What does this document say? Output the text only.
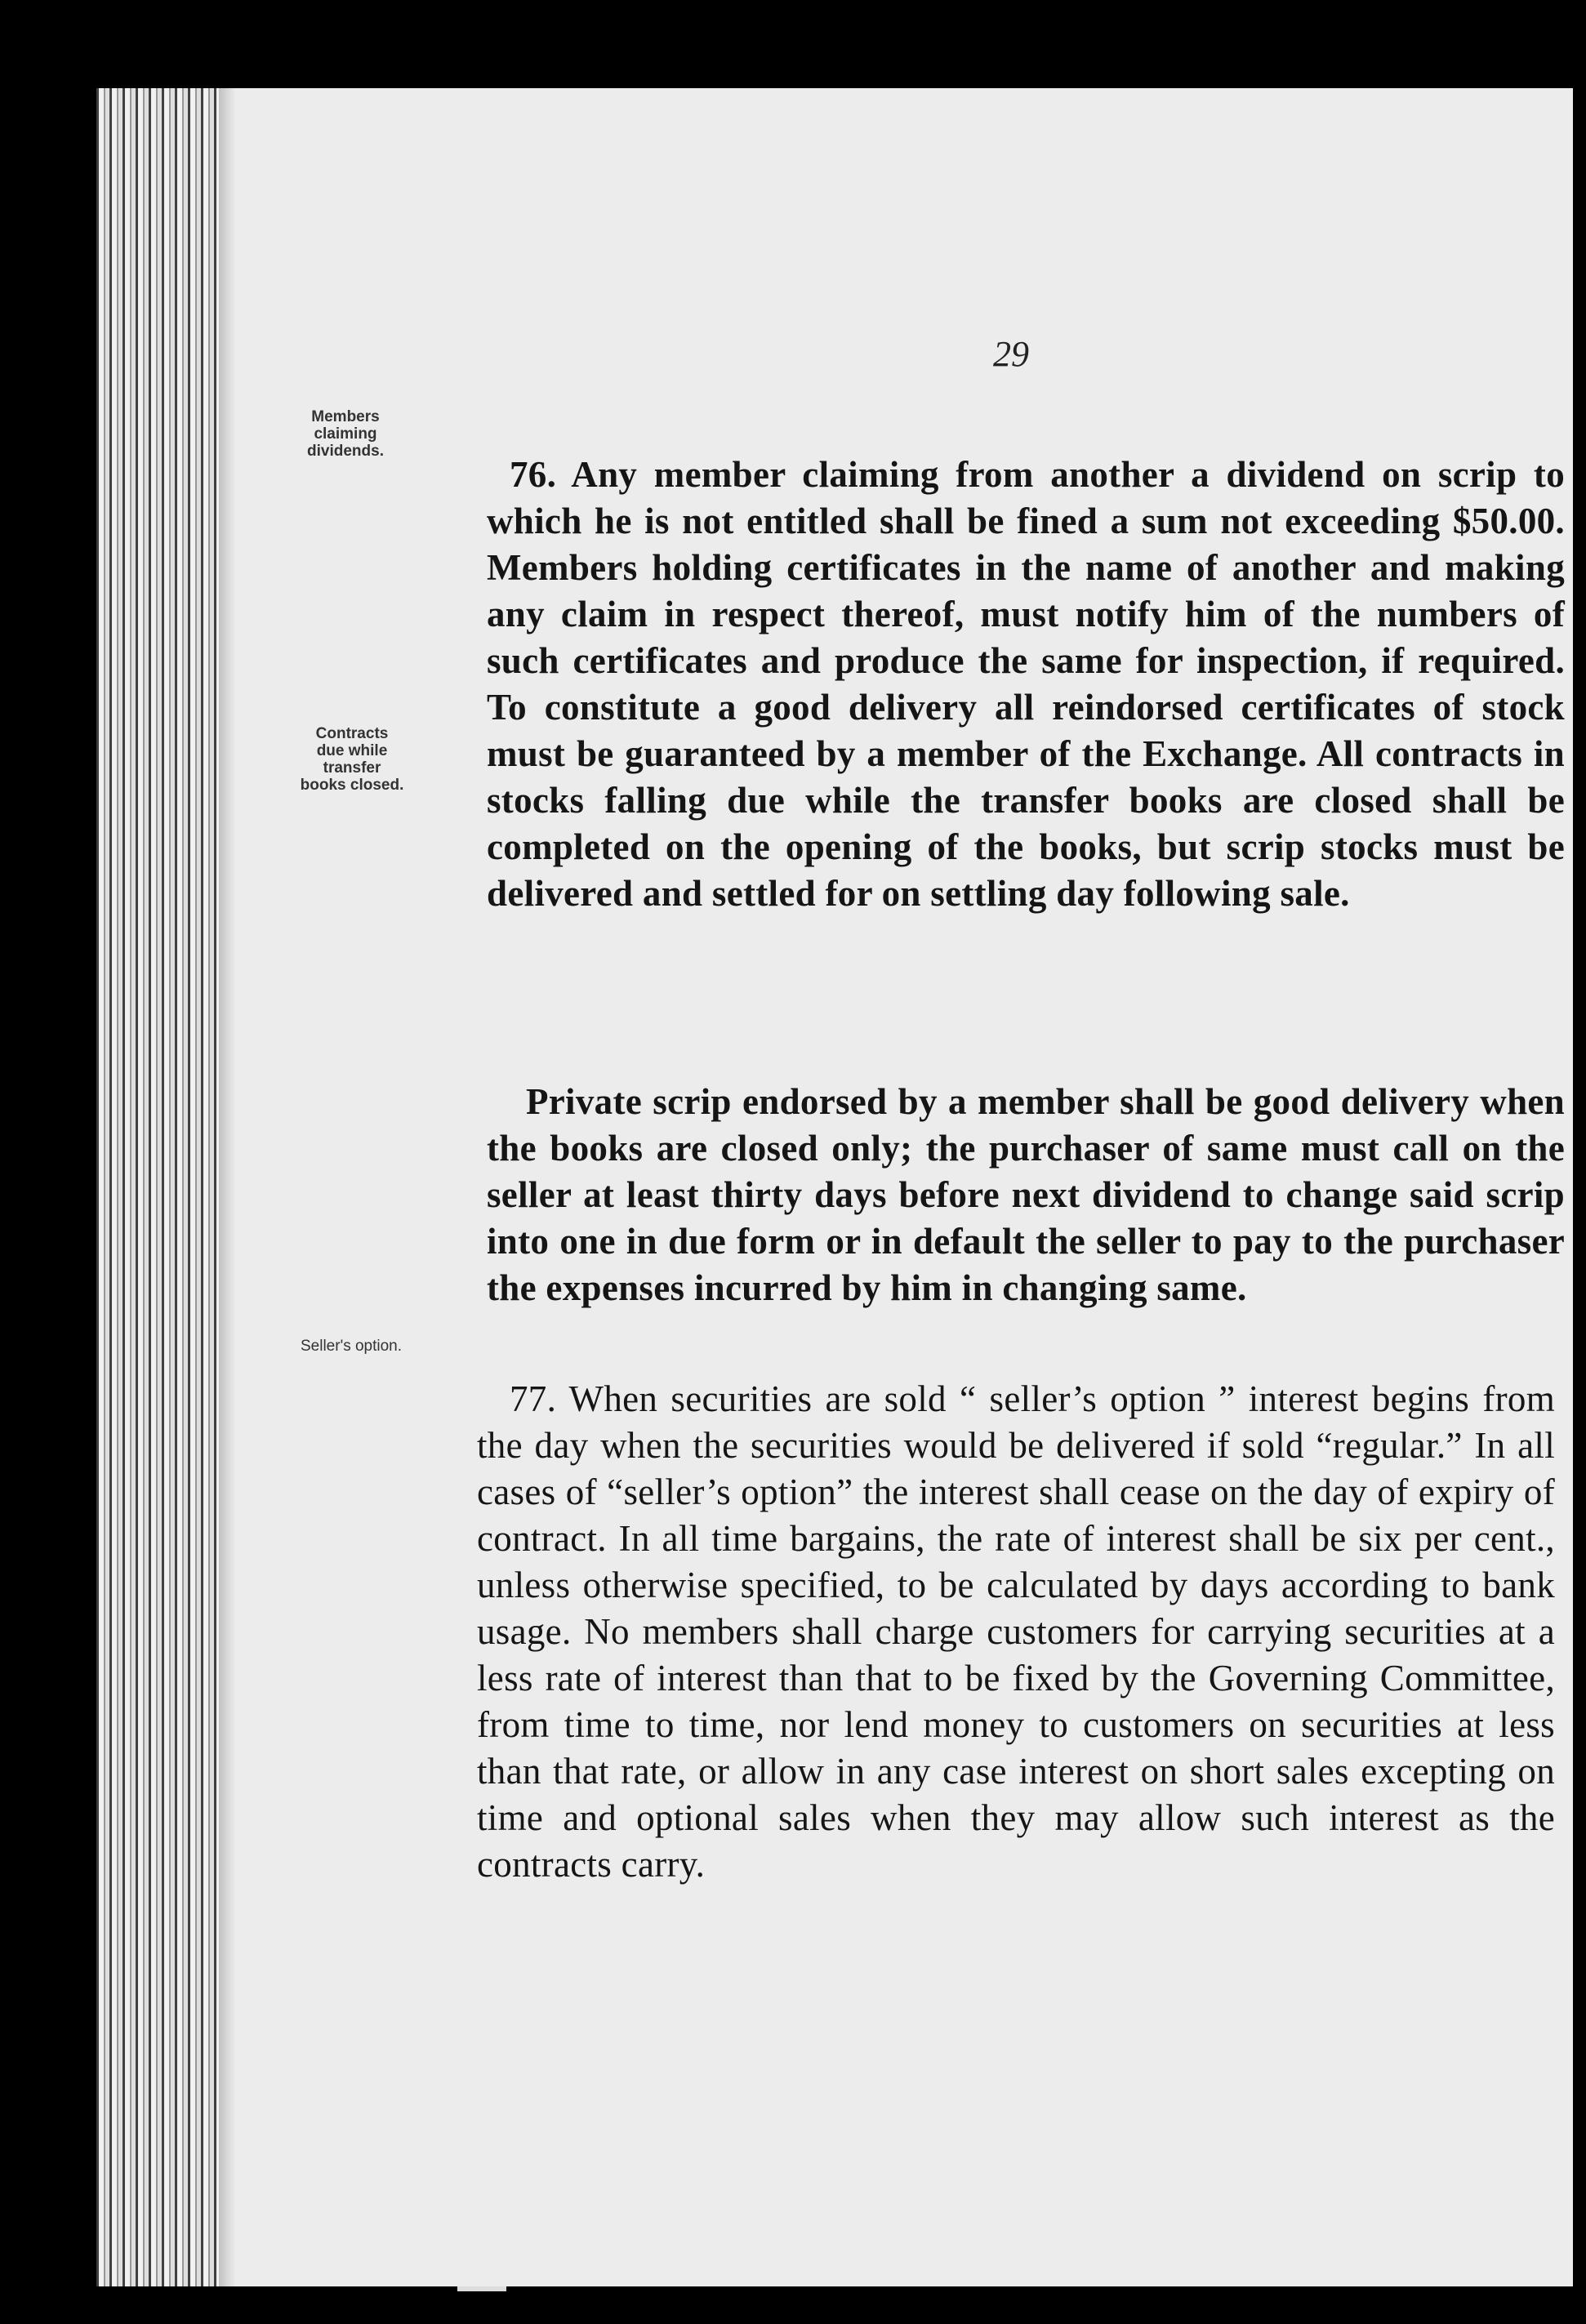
29
Members
claiming
dividends.
Contracts
due while
transfer
books closed.
Seller's option.

76. Any member claiming from another a dividend on scrip to which he is not entitled shall be fined a sum not exceeding $50.00. Members holding certificates in the name of another and making any claim in respect thereof, must notify him of the numbers of such certificates and produce the same for inspection, if required. To constitute a good delivery all reindorsed certificates of stock must be guaranteed by a member of the Exchange. All contracts in stocks falling due while the transfer books are closed shall be completed on the opening of the books, but scrip stocks must be delivered and settled for on settling day following sale.

Private scrip endorsed by a member shall be good delivery when the books are closed only; the purchaser of same must call on the seller at least thirty days before next dividend to change said scrip into one in due form or in default the seller to pay to the purchaser the expenses incurred by him in changing same.

77. When securities are sold “ seller’s option ” interest begins from the day when the securities would be delivered if sold “regular.” In all cases of “seller’s option” the interest shall cease on the day of expiry of contract. In all time bargains, the rate of interest shall be six per cent., unless otherwise specified, to be calculated by days according to bank usage. No members shall charge customers for carrying securities at a less rate of interest than that to be fixed by the Governing Committee, from time to time, nor lend money to customers on securities at less than that rate, or allow in any case interest on short sales excepting on time and optional sales when they may allow such interest as the contracts carry.
